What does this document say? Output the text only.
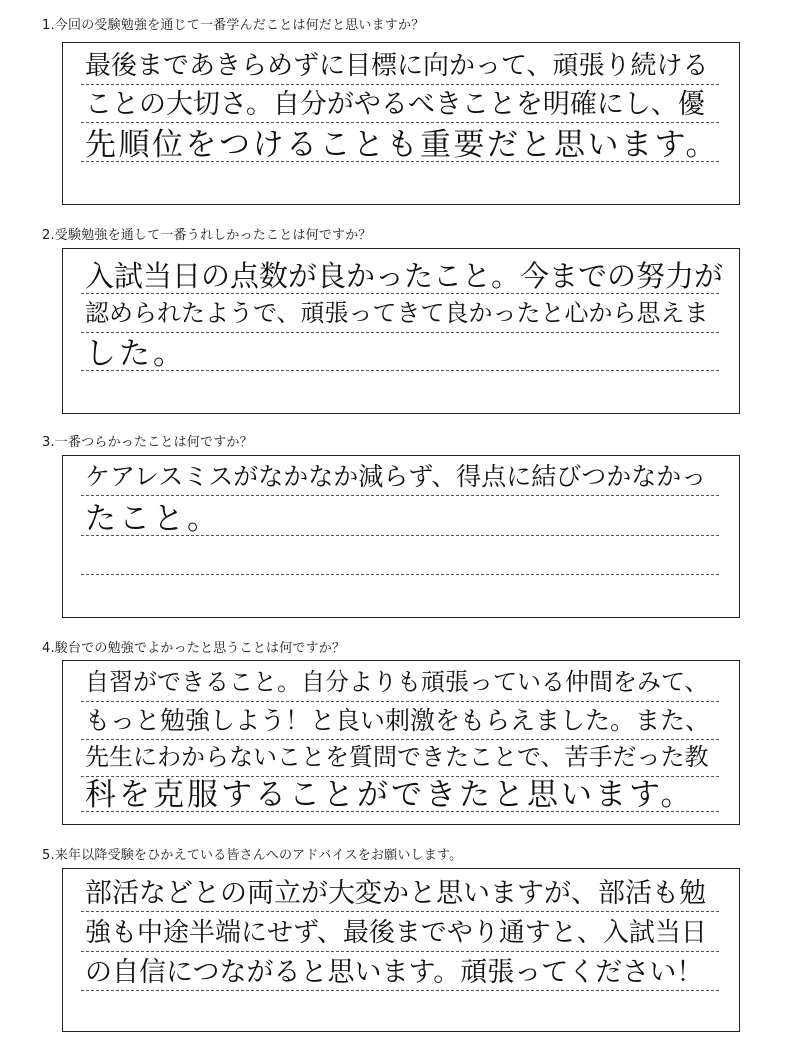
1.今回の受験勉強を通じて一番学んだことは何だと思いますか？
最後まであきらめずに目標に向かって、頑張り続ける
ことの大切さ。自分がやるべきことを明確にし、優
先順位をつけることも重要だと思います。
2.受験勉強を通して一番うれしかったことは何ですか？
入試当日の点数が良かったこと。今までの努力が
認められたようで、頑張ってきて良かったと心から思えま
した。
3.一番つらかったことは何ですか？
ケアレスミスがなかなか減らず、得点に結びつかなかっ
たこと。
4.駿台での勉強でよかったと思うことは何ですか？
自習ができること。自分よりも頑張っている仲間をみて、
もっと勉強しよう！と良い刺激をもらえました。また、
先生にわからないことを質問できたことで、苦手だった教
科を克服することができたと思います。
5.来年以降受験をひかえている皆さんへのアドバイスをお願いします。
部活などとの両立が大変かと思いますが、部活も勉
強も中途半端にせず、最後までやり通すと、入試当日
の自信につながると思います。頑張ってください！
